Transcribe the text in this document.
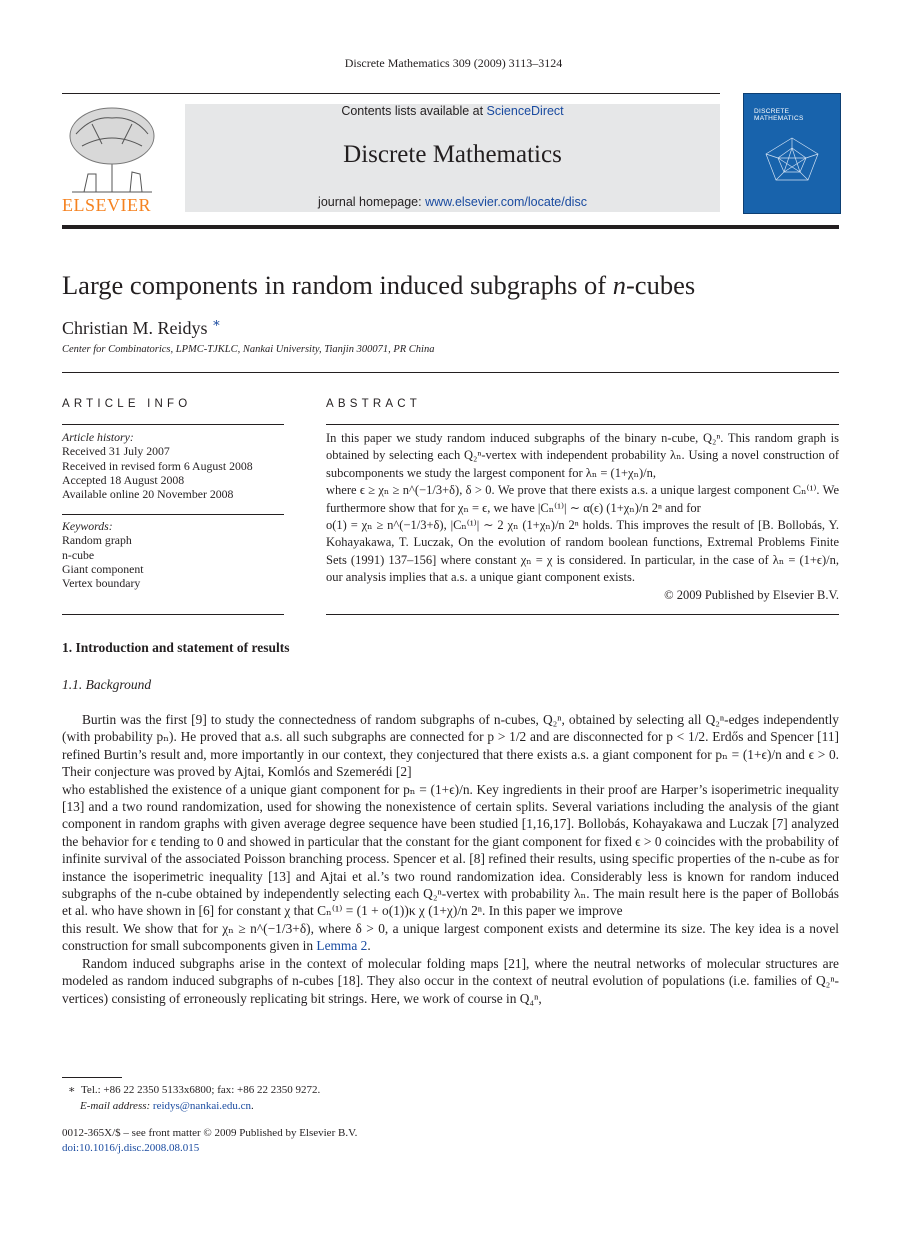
Discrete Mathematics 309 (2009) 3113–3124
ELSEVIER
Contents lists available at ScienceDirect
Discrete Mathematics
journal homepage: www.elsevier.com/locate/disc
DISCRETE
MATHEMATICS
Large components in random induced subgraphs of n-cubes
Christian M. Reidys ∗
Center for Combinatorics, LPMC-TJKLC, Nankai University, Tianjin 300071, PR China
ARTICLE INFO
Article history:
Received 31 July 2007
Received in revised form 6 August 2008
Accepted 18 August 2008
Available online 20 November 2008
Keywords:
Random graph
n-cube
Giant component
Vertex boundary
ABSTRACT

In this paper we study random induced subgraphs of the binary n-cube, Q₂ⁿ. This random graph is obtained by selecting each Q₂ⁿ-vertex with independent probability λₙ. Using a novel construction of subcomponents we study the largest component for λₙ = (1+χₙ)/n,

where ϵ ≥ χₙ ≥ n^(−1/3+δ), δ > 0. We prove that there exists a.s. a unique largest component Cₙ⁽¹⁾. We furthermore show that for χₙ = ϵ, we have |Cₙ⁽¹⁾| ∼ α(ϵ) (1+χₙ)/n 2ⁿ and for

o(1) = χₙ ≥ n^(−1/3+δ), |Cₙ⁽¹⁾| ∼ 2 χₙ (1+χₙ)/n 2ⁿ holds. This improves the result of [B. Bollobás, Y. Kohayakawa, T. Luczak, On the evolution of random boolean functions, Extremal Problems Finite Sets (1991) 137–156] where constant χₙ = χ is considered. In particular, in the case of λₙ = (1+ϵ)/n, our analysis implies that a.s. a unique giant component exists.

© 2009 Published by Elsevier B.V.

1. Introduction and statement of results
1.1. Background

Burtin was the first [9] to study the connectedness of random subgraphs of n-cubes, Q₂ⁿ, obtained by selecting all Q₂ⁿ-edges independently (with probability pₙ). He proved that a.s. all such subgraphs are connected for p > 1/2 and are disconnected for p < 1/2. Erdős and Spencer [11] refined Burtin’s result and, more importantly in our context, they conjectured that there exists a.s. a giant component for pₙ = (1+ϵ)/n and ϵ > 0. Their conjecture was proved by Ajtai, Komlós and Szemerédi [2]

who established the existence of a unique giant component for pₙ = (1+ϵ)/n. Key ingredients in their proof are Harper’s isoperimetric inequality [13] and a two round randomization, used for showing the nonexistence of certain splits. Several variations including the analysis of the giant component in random graphs with given average degree sequence have been studied [1,16,17]. Bollobás, Kohayakawa and Luczak [7] analyzed the behavior for ϵ tending to 0 and showed in particular that the constant for the giant component for fixed ϵ > 0 coincides with the probability of infinite survival of the associated Poisson branching process. Spencer et al. [8] refined their results, using specific properties of the n-cube as for instance the isoperimetric inequality [13] and Ajtai et al.’s two round randomization idea. Considerably less is known for random induced subgraphs of the n-cube obtained by independently selecting each Q₂ⁿ-vertex with probability λₙ. The main result here is the paper of Bollobás et al. who have shown in [6] for constant χ that Cₙ⁽¹⁾ = (1 + o(1))κ χ (1+χ)/n 2ⁿ. In this paper we improve

this result. We show that for χₙ ≥ n^(−1/3+δ), where δ > 0, a unique largest component exists and determine its size. The key idea is a novel construction for small subcomponents given in Lemma 2.

Random induced subgraphs arise in the context of molecular folding maps [21], where the neutral networks of molecular structures are modeled as random induced subgraphs of n-cubes [18]. They also occur in the context of neutral evolution of populations (i.e. families of Q₂ⁿ-vertices) consisting of erroneously replicating bit strings. Here, we work of course in Q₄ⁿ,

∗ Tel.: +86 22 2350 5133x6800; fax: +86 22 2350 9272.
E-mail address: reidys@nankai.edu.cn.
0012-365X/$ – see front matter © 2009 Published by Elsevier B.V.
doi:10.1016/j.disc.2008.08.015
